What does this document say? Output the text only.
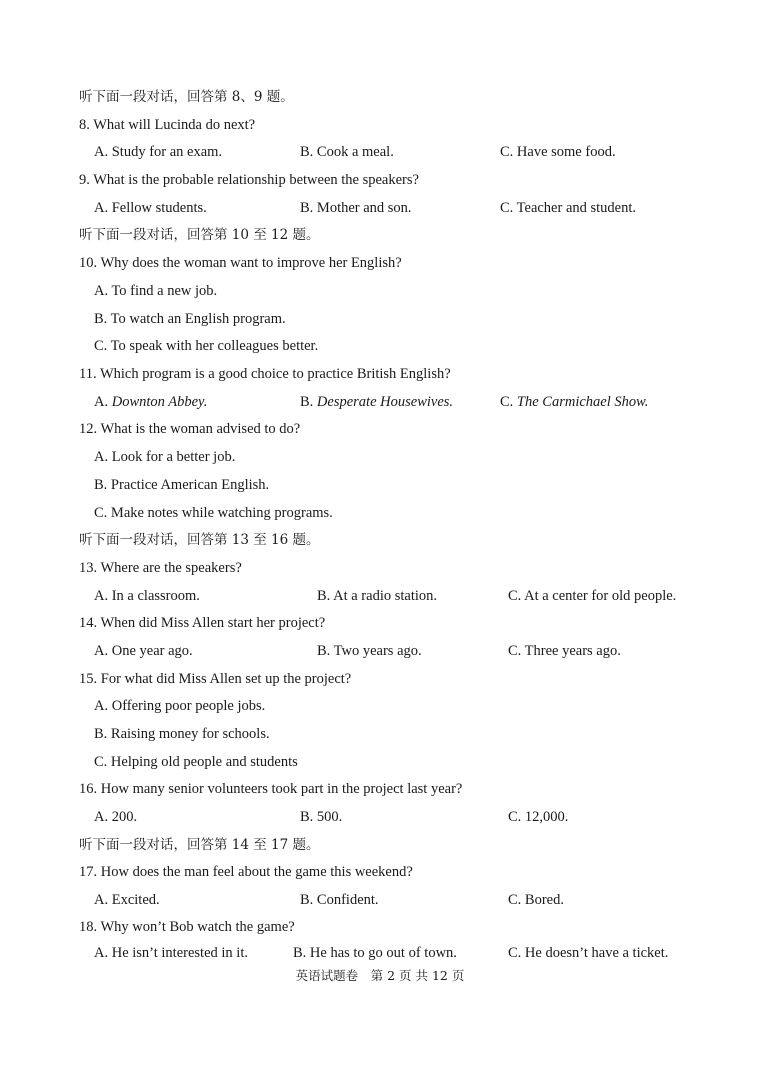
听下面一段对话，回答第 8、9 题。
8. What will Lucinda do next?
A. Study for an exam.	B. Cook a meal.	C. Have some food.
9. What is the probable relationship between the speakers?
A. Fellow students.	B. Mother and son.	C. Teacher and student.
听下面一段对话，回答第 10 至 12 题。
10. Why does the woman want to improve her English?
A. To find a new job.
B. To watch an English program.
C. To speak with her colleagues better.
11. Which program is a good choice to practice British English?
A. Downton Abbey.	B. Desperate Housewives.	C. The Carmichael Show.
12. What is the woman advised to do?
A. Look for a better job.
B. Practice American English.
C. Make notes while watching programs.
听下面一段对话，回答第 13 至 16 题。
13. Where are the speakers?
A. In a classroom.	B. At a radio station.	C. At a center for old people.
14. When did Miss Allen start her project?
A. One year ago.	B. Two years ago.	C. Three years ago.
15. For what did Miss Allen set up the project?
A. Offering poor people jobs.
B. Raising money for schools.
C. Helping old people and students
16. How many senior volunteers took part in the project last year?
A. 200.	B. 500.	C. 12,000.
听下面一段对话，回答第 14 至 17 题。
17. How does the man feel about the game this weekend?
A. Excited.	B. Confident.	C. Bored.
18. Why won’t Bob watch the game?
A. He isn’t interested in it.	B. He has to go out of town.	C. He doesn’t have a ticket.
英语试题卷　第 2 页 共 12 页
